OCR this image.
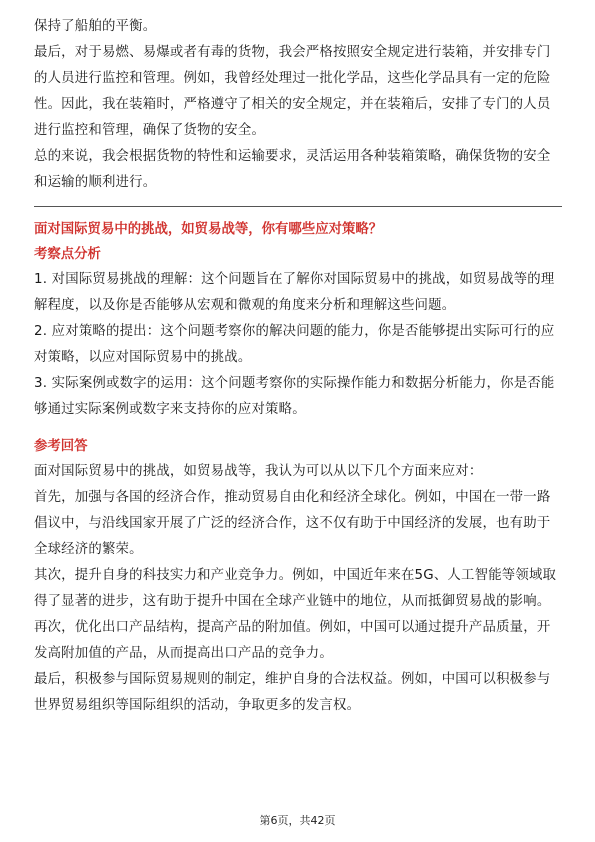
保持了船舶的平衡。

最后，对于易燃、易爆或者有毒的货物，我会严格按照安全规定进行装箱，并安排专门的人员进行监控和管理。例如，我曾经处理过一批化学品，这些化学品具有一定的危险性。因此，我在装箱时，严格遵守了相关的安全规定，并在装箱后，安排了专门的人员进行监控和管理，确保了货物的安全。

总的来说，我会根据货物的特性和运输要求，灵活运用各种装箱策略，确保货物的安全和运输的顺利进行。

面对国际贸易中的挑战，如贸易战等，你有哪些应对策略？
考察点分析

1. 对国际贸易挑战的理解：这个问题旨在了解你对国际贸易中的挑战，如贸易战等的理解程度，以及你是否能够从宏观和微观的角度来分析和理解这些问题。

2. 应对策略的提出：这个问题考察你的解决问题的能力，你是否能够提出实际可行的应对策略，以应对国际贸易中的挑战。

3. 实际案例或数字的运用：这个问题考察你的实际操作能力和数据分析能力，你是否能够通过实际案例或数字来支持你的应对策略。

参考回答

面对国际贸易中的挑战，如贸易战等，我认为可以从以下几个方面来应对：

首先，加强与各国的经济合作，推动贸易自由化和经济全球化。例如，中国在一带一路倡议中，与沿线国家开展了广泛的经济合作，这不仅有助于中国经济的发展，也有助于全球经济的繁荣。

其次，提升自身的科技实力和产业竞争力。例如，中国近年来在5G、人工智能等领域取得了显著的进步，这有助于提升中国在全球产业链中的地位，从而抵御贸易战的影响。

再次，优化出口产品结构，提高产品的附加值。例如，中国可以通过提升产品质量，开发高附加值的产品，从而提高出口产品的竞争力。

最后，积极参与国际贸易规则的制定，维护自身的合法权益。例如，中国可以积极参与世界贸易组织等国际组织的活动，争取更多的发言权。

第6页，共42页
